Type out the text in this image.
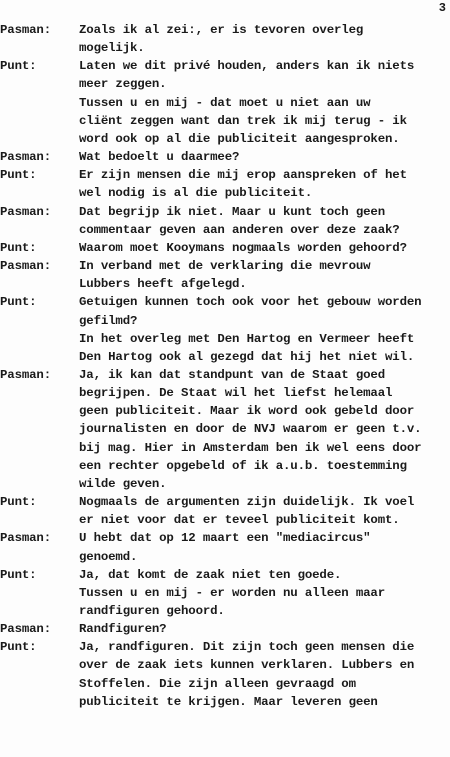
3
Pasman:	Zoals ik al zei:, er is tevoren overleg
mogelijk.
Punt:	Laten we dit privé houden, anders kan ik niets
meer zeggen.
Tussen u en mij - dat moet u niet aan uw
cliënt zeggen want dan trek ik mij terug - ik
word ook op al die publiciteit aangesproken.
Pasman:	Wat bedoelt u daarmee?
Punt:	Er zijn mensen die mij erop aanspreken of het
wel nodig is al die publiciteit.
Pasman:	Dat begrijp ik niet. Maar u kunt toch geen
commentaar geven aan anderen over deze zaak?
Punt:	Waarom moet Kooymans nogmaals worden gehoord?
Pasman:	In verband met de verklaring die mevrouw
Lubbers heeft afgelegd.
Punt:	Getuigen kunnen toch ook voor het gebouw worden
gefilmd?
In het overleg met Den Hartog en Vermeer heeft
Den Hartog ook al gezegd dat hij het niet wil.
Pasman:	Ja, ik kan dat standpunt van de Staat goed
begrijpen. De Staat wil het liefst helemaal
geen publiciteit. Maar ik word ook gebeld door
journalisten en door de NVJ waarom er geen t.v.
bij mag. Hier in Amsterdam ben ik wel eens door
een rechter opgebeld of ik a.u.b. toestemming
wilde geven.
Punt:	Nogmaals de argumenten zijn duidelijk. Ik voel
er niet voor dat er teveel publiciteit komt.
Pasman:	U hebt dat op 12 maart een "mediacircus"
genoemd.
Punt:	Ja, dat komt de zaak niet ten goede.
Tussen u en mij - er worden nu alleen maar
randfiguren gehoord.
Pasman:	Randfiguren?
Punt:	Ja, randfiguren. Dit zijn toch geen mensen die
over de zaak iets kunnen verklaren. Lubbers en
Stoffelen. Die zijn alleen gevraagd om
publiciteit te krijgen. Maar leveren geen
